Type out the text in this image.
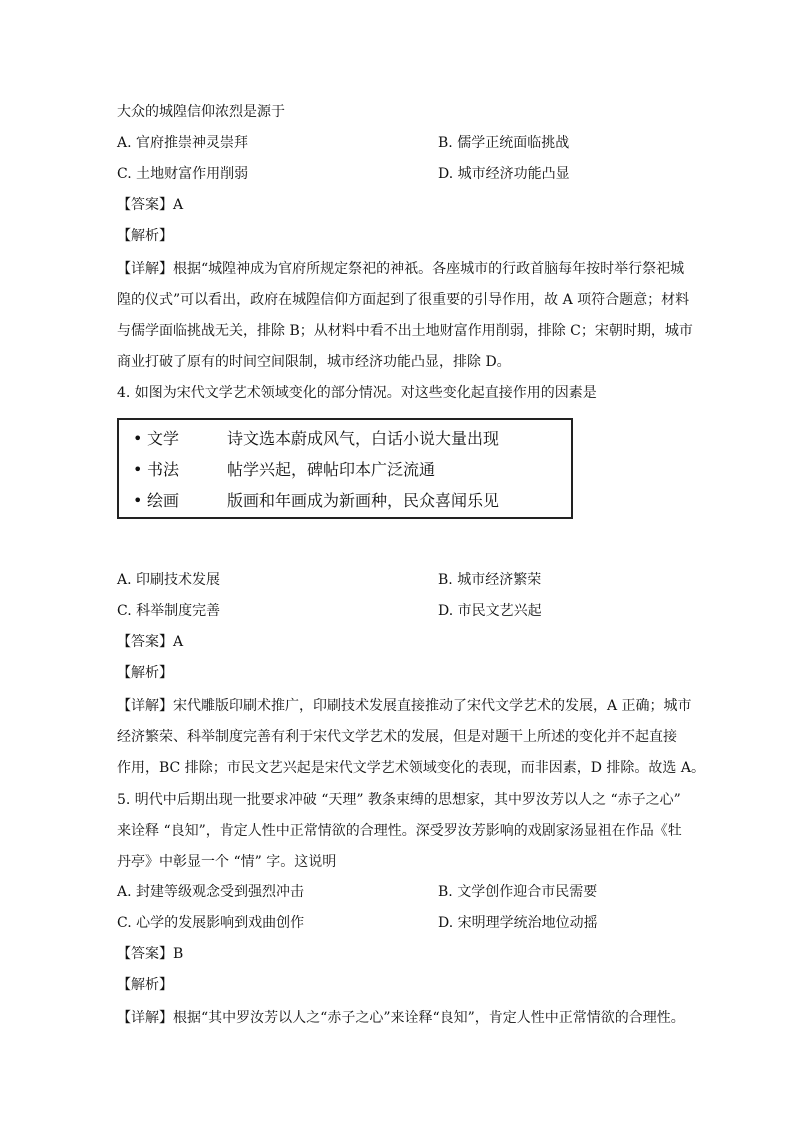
大众的城隍信仰浓烈是源于
A. 官府推崇神灵崇拜	B. 儒学正统面临挑战
C. 土地财富作用削弱	D. 城市经济功能凸显
【答案】A
【解析】
【详解】根据“城隍神成为官府所规定祭祀的神祇。各座城市的行政首脑每年按时举行祭祀城
隍的仪式”可以看出，政府在城隍信仰方面起到了很重要的引导作用，故 A 项符合题意；材料
与儒学面临挑战无关，排除 B；从材料中看不出土地财富作用削弱，排除 C；宋朝时期，城市
商业打破了原有的时间空间限制，城市经济功能凸显，排除 D。
4. 如图为宋代文学艺术领域变化的部分情况。对这些变化起直接作用的因素是
• 文学	诗文选本蔚成风气，白话小说大量出现
• 书法	帖学兴起，碑帖印本广泛流通
• 绘画	版画和年画成为新画种，民众喜闻乐见
A. 印刷技术发展	B. 城市经济繁荣
C. 科举制度完善	D. 市民文艺兴起
【答案】A
【解析】
【详解】宋代雕版印刷术推广，印刷技术发展直接推动了宋代文学艺术的发展，A 正确；城市
经济繁荣、科举制度完善有利于宋代文学艺术的发展，但是对题干上所述的变化并不起直接
作用，BC 排除；市民文艺兴起是宋代文学艺术领域变化的表现，而非因素，D 排除。故选 A。
5. 明代中后期出现一批要求冲破 “天理” 教条束缚的思想家，其中罗汝芳以人之 “赤子之心”
来诠释 “良知”，肯定人性中正常情欲的合理性。深受罗汝芳影响的戏剧家汤显祖在作品《牡
丹亭》中彰显一个 “情” 字。这说明
A. 封建等级观念受到强烈冲击	B. 文学创作迎合市民需要
C. 心学的发展影响到戏曲创作	D. 宋明理学统治地位动摇
【答案】B
【解析】
【详解】根据“其中罗汝芳以人之“赤子之心”来诠释“良知”，肯定人性中正常情欲的合理性。
